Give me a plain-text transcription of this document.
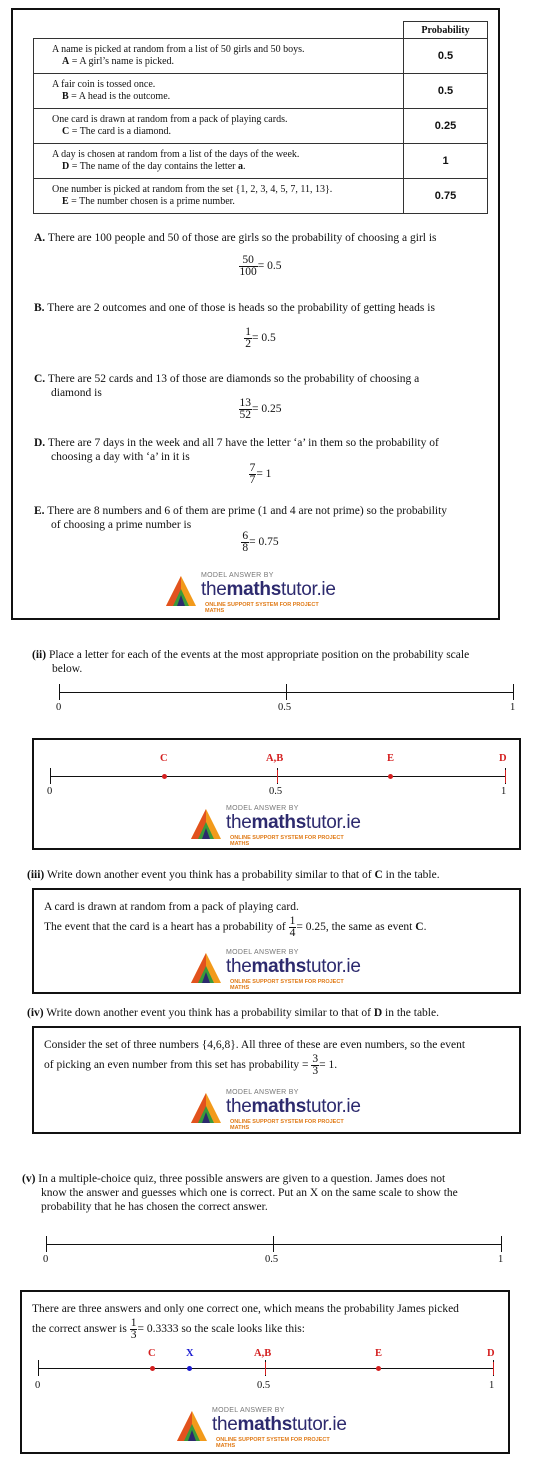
	Probability
A name is picked at random from a list of 50 girls and 50 boys.
A = A girl’s name is picked.	0.5
A fair coin is tossed once.
B = A head is the outcome.	0.5
One card is drawn at random from a pack of playing cards.
C = The card is a diamond.	0.25
A day is chosen at random from a list of the days of the week.
D = The name of the day contains the letter a.	1
One number is picked at random from the set {1, 2, 3, 4, 5, 7, 11, 13}.
E = The number chosen is a prime number.	0.75
A. There are 100 people and 50 of those are girls so the probability of choosing a girl is
$\frac{50}{100} = 0.5$
B. There are 2 outcomes and one of those is heads so the probability of getting heads is
$\frac{1}{2} = 0.5$
C. There are 52 cards and 13 of those are diamonds so the probability of choosing a
diamond is
$\frac{13}{52} = 0.25$
D. There are 7 days in the week and all 7 have the letter ‘a’ in them so the probability of
choosing a day with ‘a’ in it is
$\frac{7}{7} = 1$
E. There are 8 numbers and 6 of them are prime (1 and 4 are not prime) so the probability
of choosing a prime number is
$\frac{6}{8} = 0.75$
MODEL ANSWER BY
themathstutor.ie
ONLINE SUPPORT SYSTEM FOR PROJECT MATHS
(ii) Place a letter for each of the events at the most appropriate position on the probability scale
below.
0	0.5	1
0	0.5	1
C	A,B	E	D
MODEL ANSWER BY
themathstutor.ie
ONLINE SUPPORT SYSTEM FOR PROJECT MATHS
(iii) Write down another event you think has a probability similar to that of C in the table.
A card is drawn at random from a pack of playing card.
The event that the card is a heart has a probability of $\frac{1}{4} = 0.25$, the same as event C.
MODEL ANSWER BY
themathstutor.ie
ONLINE SUPPORT SYSTEM FOR PROJECT MATHS
(iv) Write down another event you think has a probability similar to that of D in the table.
Consider the set of three numbers {4,6,8}. All three of these are even numbers, so the event
of picking an even number from this set has probability = $\frac{3}{3} = 1$.
MODEL ANSWER BY
themathstutor.ie
ONLINE SUPPORT SYSTEM FOR PROJECT MATHS
(v) In a multiple-choice quiz, three possible answers are given to a question. James does not
know the answer and guesses which one is correct. Put an X on the same scale to show the
probability that he has chosen the correct answer.
0	0.5	1
There are three answers and only one correct one, which means the probability James picked
the correct answer is $\frac{1}{3} = 0.3333$ so the scale looks like this:
0	0.5	1
C	X	A,B	E	D
MODEL ANSWER BY
themathstutor.ie
ONLINE SUPPORT SYSTEM FOR PROJECT MATHS
